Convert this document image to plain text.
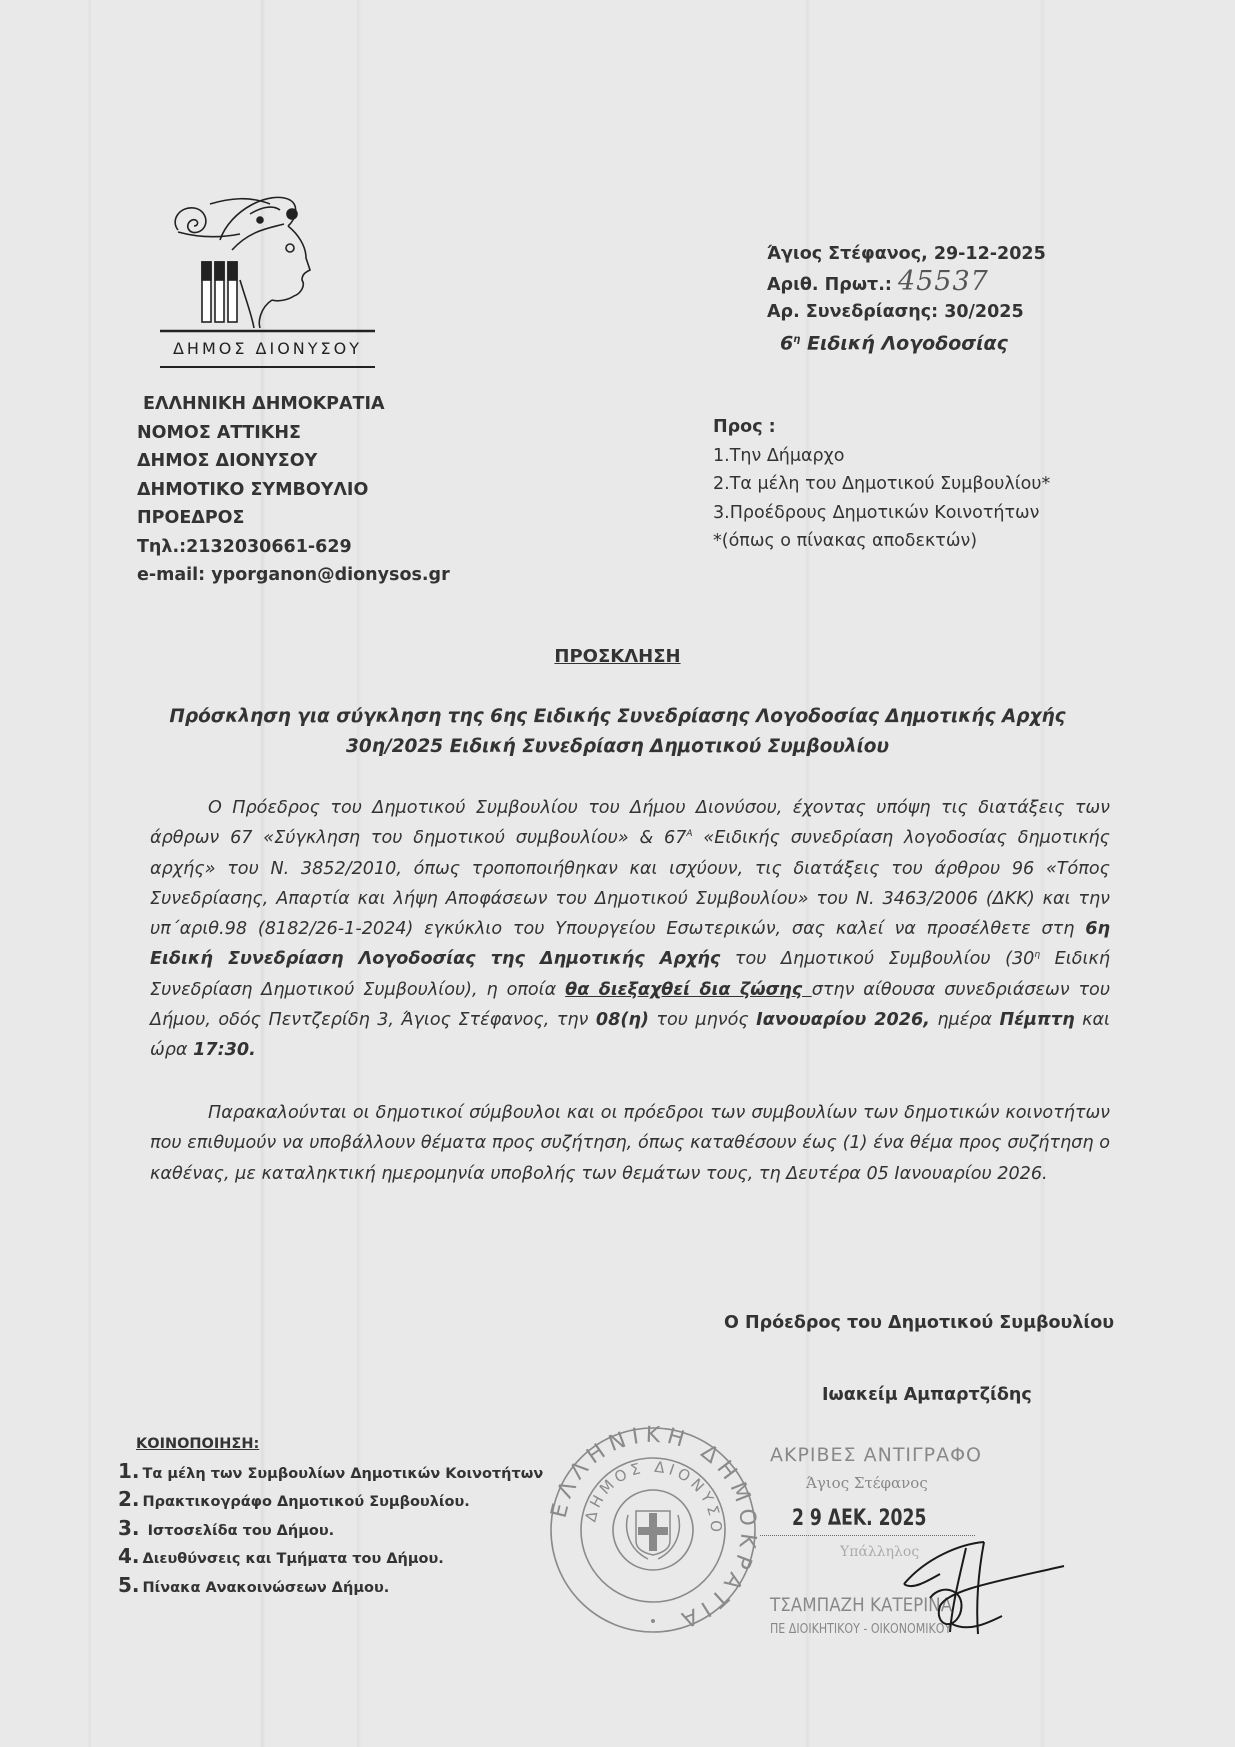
ΔΗΜΟΣ ΔΙΟΝΥΣΟΥ
Άγιος Στέφανος, 29-12-2025
Αριθ. Πρωτ.: 45537
Αρ. Συνεδρίασης: 30/2025
$6^\eta$ Ειδική Λογοδοσίας
ΕΛΛΗΝΙΚΗ ΔΗΜΟΚΡΑΤΙΑ
ΝΟΜΟΣ ΑΤΤΙΚΗΣ
ΔΗΜΟΣ ΔΙΟΝΥΣΟΥ
ΔΗΜΟΤΙΚΟ ΣΥΜΒΟΥΛΙΟ
ΠΡΟΕΔΡΟΣ
Τηλ.:2132030661-629
e-mail: yporganon@dionysos.gr
Προς :
1.Την Δήμαρχο
2.Τα μέλη του Δημοτικού Συμβουλίου*
3.Προέδρους Δημοτικών Κοινοτήτων
*(όπως ο πίνακας αποδεκτών)
ΠΡΟΣΚΛΗΣΗ
Πρόσκληση για σύγκληση της 6ης Ειδικής Συνεδρίασης Λογοδοσίας Δημοτικής Αρχής
30η/2025 Ειδική Συνεδρίαση Δημοτικού Συμβουλίου
Ο Πρόεδρος του Δημοτικού Συμβουλίου του Δήμου Διονύσου, έχοντας υπόψη τις διατάξεις των άρθρων 67 «Σύγκληση του δημοτικού συμβουλίου» & $67^A$ «Ειδικής συνεδρίαση λογοδοσίας δημοτικής αρχής» του Ν. 3852/2010, όπως τροποποιήθηκαν και ισχύουν, τις διατάξεις του άρθρου 96 «Τόπος Συνεδρίασης, Απαρτία και λήψη Αποφάσεων του Δημοτικού Συμβουλίου» του Ν. 3463/2006 (ΔΚΚ) και την υπ΄αριθ.98 (8182/26-1-2024) εγκύκλιο του Υπουργείου Εσωτερικών, σας καλεί να προσέλθετε στη 6η Ειδική Συνεδρίαση Λογοδοσίας της Δημοτικής Αρχής του Δημοτικού Συμβουλίου ($30^\eta$ Ειδική Συνεδρίαση Δημοτικού Συμβουλίου), η οποία θα διεξαχθεί δια ζώσης στην αίθουσα συνεδριάσεων του Δήμου, οδός Πεντζερίδη 3, Άγιος Στέφανος, την 08(η) του μηνός Ιανουαρίου 2026, ημέρα Πέμπτη και ώρα 17:30.
Παρακαλούνται οι δημοτικοί σύμβουλοι και οι πρόεδροι των συμβουλίων των δημοτικών κοινοτήτων που επιθυμούν να υποβάλλουν θέματα προς συζήτηση, όπως καταθέσουν έως (1) ένα θέμα προς συζήτηση ο καθένας, με καταληκτική ημερομηνία υποβολής των θεμάτων τους, τη Δευτέρα 05 Ιανουαρίου 2026.
Ο Πρόεδρος του Δημοτικού Συμβουλίου
Ιωακείμ Αμπαρτζίδης
ΚΟΙΝΟΠΟΙΗΣΗ:
1. Τα μέλη των Συμβουλίων Δημοτικών Κοινοτήτων
2. Πρακτικογράφο Δημοτικού Συμβουλίου.
3. Ιστοσελίδα του Δήμου.
4. Διευθύνσεις και Τμήματα του Δήμου.
5. Πίνακα Ανακοινώσεων Δήμου.
ΕΛΛΗΝΙΚΗ ΔΗΜΟΚΡΑΤΙΑ
ΔΗΜΟΣ ΔΙΟΝΥΣΟ
ΑΚΡΙΒΕΣ ΑΝΤΙΓΡΑΦΟ
Άγιος Στέφανος
2 9 ΔΕΚ. 2025
Υπάλληλος
ΤΣΑΜΠΑΖΗ ΚΑΤΕΡΙΝΑ
ΠΕ ΔΙΟΙΚΗΤΙΚΟΥ - ΟΙΚΟΝΟΜΙΚΟΥ
